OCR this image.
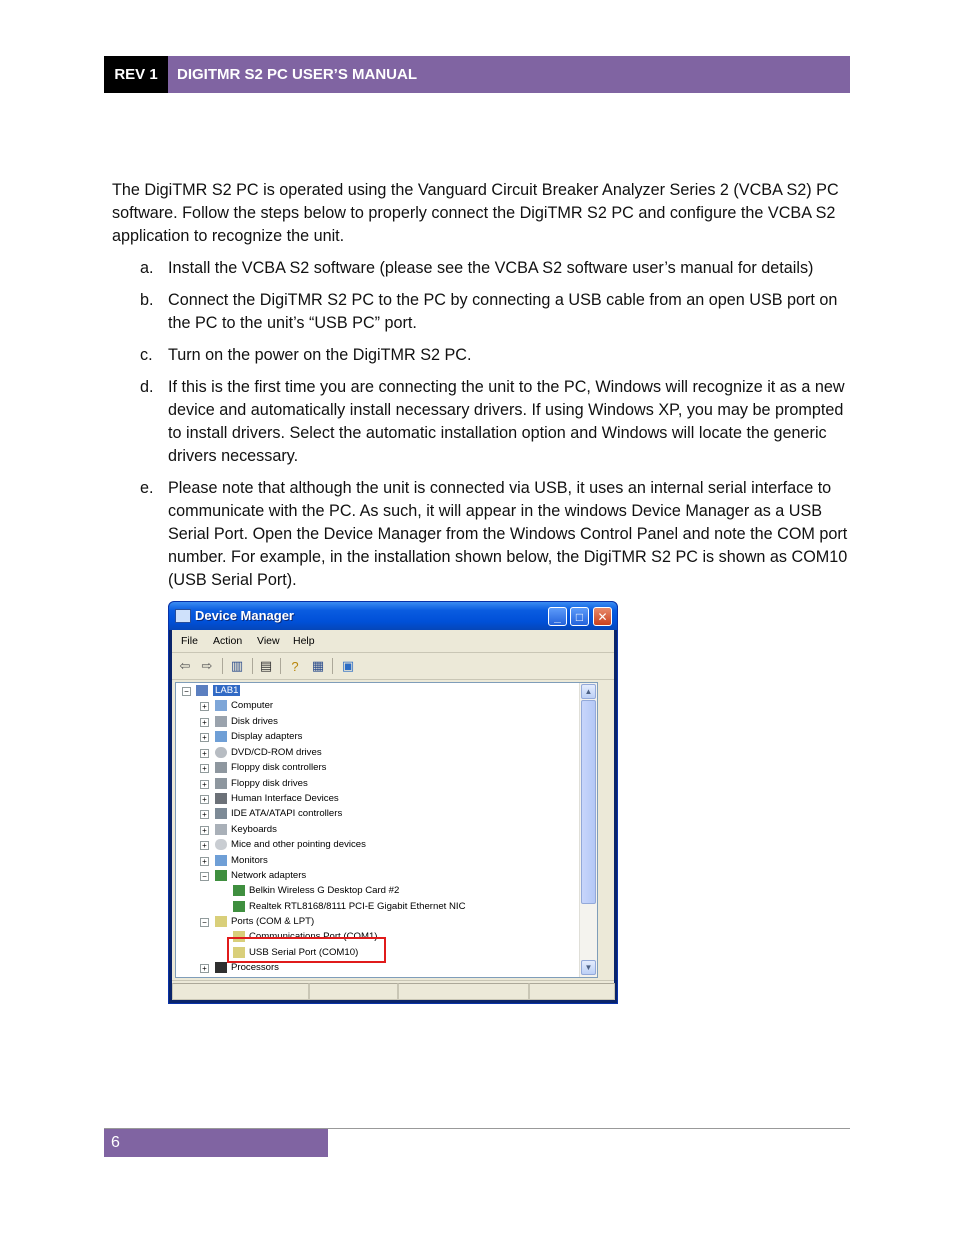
REV 1	DIGITMR S2 PC USER’S MANUAL

The DigiTMR S2 PC is operated using the Vanguard Circuit Breaker Analyzer Series 2 (VCBA S2) PC software. Follow the steps below to properly connect the DigiTMR S2 PC and configure the VCBA S2 application to recognize the unit.

a. Install the VCBA S2 software (please see the VCBA S2 software user’s manual for details)
b. Connect the DigiTMR S2 PC to the PC by connecting a USB cable from an open USB port on the PC to the unit’s “USB PC” port.
c. Turn on the power on the DigiTMR S2 PC.
d. If this is the first time you are connecting the unit to the PC, Windows will recognize it as a new device and automatically install necessary drivers. If using Windows XP, you may be prompted to install drivers. Select the automatic installation option and Windows will locate the generic drivers necessary.
e. Please note that although the unit is connected via USB, it uses an internal serial interface to communicate with the PC. As such, it will appear in the windows Device Manager as a USB Serial Port. Open the Device Manager from the Windows Control Panel and note the COM port number. For example, in the installation shown below, the DigiTMR S2 PC is shown as COM10 (USB Serial Port).
Device Manager	_	□	✕
File Action View Help
⇦ ⇨ ▥ ▤	?	▦ ▣
−	LAB1
+	Computer
+	Disk drives
+	Display adapters
+	DVD/CD-ROM drives
+	Floppy disk controllers
+	Floppy disk drives
+	Human Interface Devices
+	IDE ATA/ATAPI controllers
+	Keyboards
+	Mice and other pointing devices
+	Monitors
−	Network adapters
Belkin Wireless G Desktop Card #2
Realtek RTL8168/8111 PCI-E Gigabit Ethernet NIC
−	Ports (COM & LPT)
Communications Port (COM1)
USB Serial Port (COM10)
+	Processors
▲
▼
6
